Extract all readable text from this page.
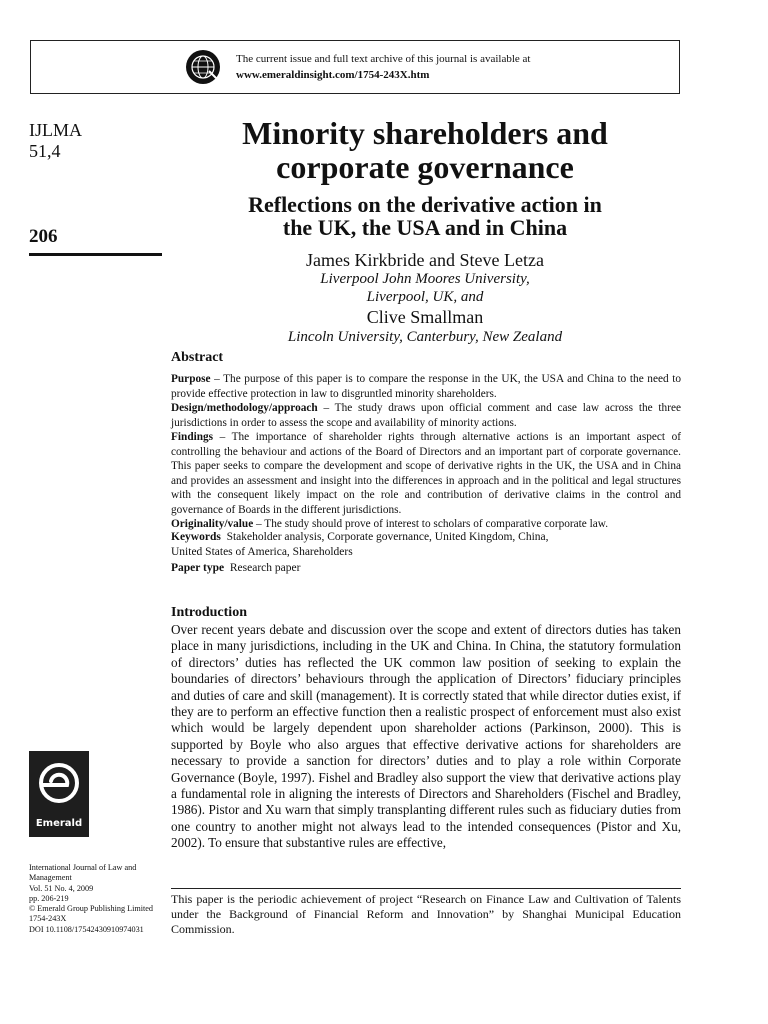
The current issue and full text archive of this journal is available at
www.emeraldinsight.com/1754-243X.htm
IJLMA
51,4
206
Minority shareholders and
corporate governance
Reflections on the derivative action in
the UK, the USA and in China
James Kirkbride and Steve Letza
Liverpool John Moores University,
Liverpool, UK, and
Clive Smallman
Lincoln University, Canterbury, New Zealand
Abstract

Purpose – The purpose of this paper is to compare the response in the UK, the USA and China to the need to provide effective protection in law to disgruntled minority shareholders.

Design/methodology/approach – The study draws upon official comment and case law across the three jurisdictions in order to assess the scope and availability of minority actions.

Findings – The importance of shareholder rights through alternative actions is an important aspect of controlling the behaviour and actions of the Board of Directors and an important part of corporate governance. This paper seeks to compare the development and scope of derivative rights in the UK, the USA and in China and provides an assessment and insight into the differences in approach and in the political and legal structures with the consequent likely impact on the role and contribution of derivative claims in the control and governance of Boards in the different jurisdictions.

Originality/value – The study should prove of interest to scholars of comparative corporate law.

Keywords Stakeholder analysis, Corporate governance, United Kingdom, China,
United States of America, Shareholders
Paper type Research paper
Introduction
Over recent years debate and discussion over the scope and extent of directors duties has taken place in many jurisdictions, including in the UK and China. In China, the statutory formulation of directors’ duties has reflected the UK common law position of seeking to explain the boundaries of directors’ behaviours through the application of Directors’ fiduciary principles and duties of care and skill (management). It is correctly stated that while director duties exist, if they are to perform an effective function then a realistic prospect of enforcement must also exist which would be largely dependent upon shareholder actions (Parkinson, 2000). This is supported by Boyle who also argues that effective derivative actions for shareholders are necessary to provide a sanction for directors’ duties and to play a role within Corporate Governance (Boyle, 1997). Fishel and Bradley also support the view that derivative actions play a fundamental role in aligning the interests of Directors and Shareholders (Fischel and Bradley, 1986). Pistor and Xu warn that simply transplanting different rules such as fiduciary duties from one country to another might not always lead to the intended consequences (Pistor and Xu, 2002). To ensure that substantive rules are effective,
This paper is the periodic achievement of project “Research on Finance Law and Cultivation of Talents under the Background of Financial Reform and Innovation” by Shanghai Municipal Education Commission.
Emerald
International Journal of Law and
Management
Vol. 51 No. 4, 2009
pp. 206-219
© Emerald Group Publishing Limited
1754-243X
DOI 10.1108/17542430910974031
